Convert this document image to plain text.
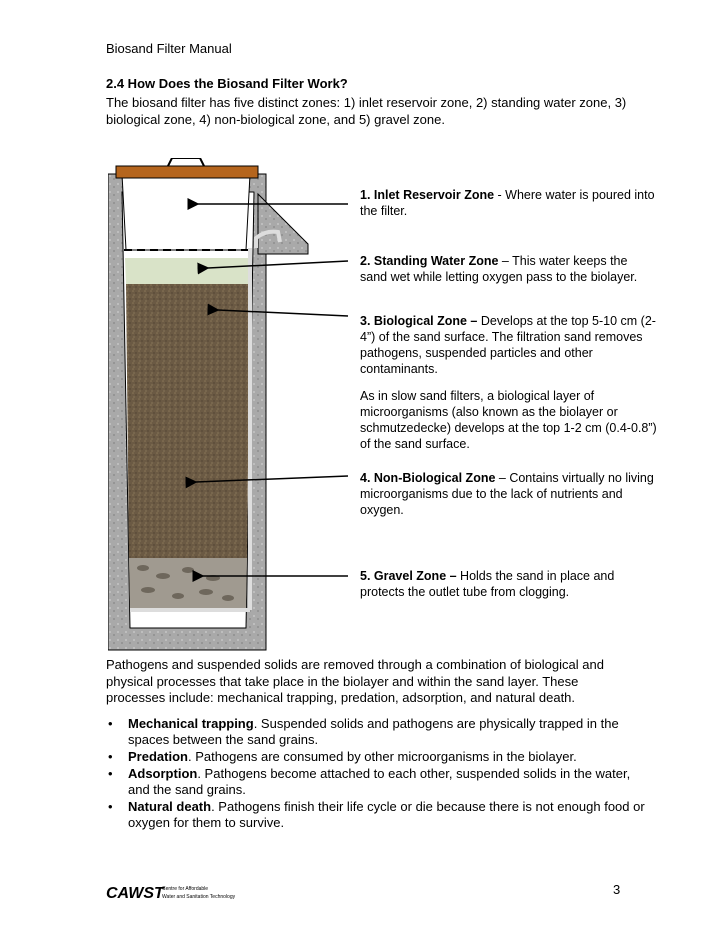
Biosand Filter Manual
2.4 How Does the Biosand Filter Work?
The biosand filter has five distinct zones: 1) inlet reservoir zone, 2) standing water zone, 3) biological zone, 4) non-biological zone, and 5) gravel zone.
1. Inlet Reservoir Zone - Where water is poured into the filter.
2. Standing Water Zone – This water keeps the sand wet while letting oxygen pass to the biolayer.
3. Biological Zone – Develops at the top 5-10 cm (2-4”) of the sand surface. The filtration sand removes pathogens, suspended particles and other contaminants.
As in slow sand filters, a biological layer of microorganisms (also known as the biolayer or schmutzedecke) develops at the top 1-2 cm (0.4-0.8”) of the sand surface.
4. Non-Biological Zone – Contains virtually no living microorganisms due to the lack of nutrients and oxygen.
5. Gravel Zone – Holds the sand in place and protects the outlet tube from clogging.
Pathogens and suspended solids are removed through a combination of biological and physical processes that take place in the biolayer and within the sand layer. These processes include: mechanical trapping, predation, adsorption, and natural death.
• Mechanical trapping. Suspended solids and pathogens are physically trapped in the spaces between the sand grains.
• Predation. Pathogens are consumed by other microorganisms in the biolayer.
• Adsorption. Pathogens become attached to each other, suspended solids in the water, and the sand grains.
• Natural death. Pathogens finish their life cycle or die because there is not enough food or oxygen for them to survive.
CAWST
Centre for Affordable
Water and Sanitation Technology	3
